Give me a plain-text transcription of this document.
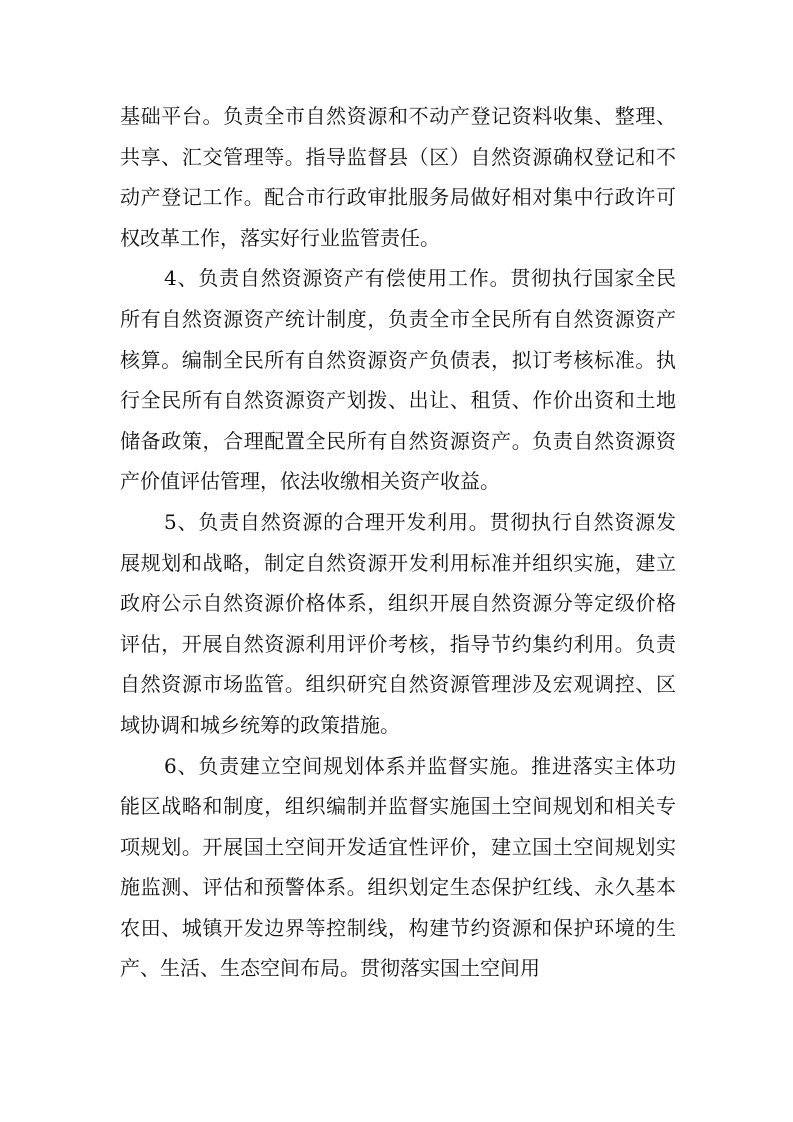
基础平台。负责全市自然资源和不动产登记资料收集、整理、共享、汇交管理等。指导监督县（区）自然资源确权登记和不动产登记工作。配合市行政审批服务局做好相对集中行政许可权改革工作，落实好行业监管责任。

4、负责自然资源资产有偿使用工作。贯彻执行国家全民所有自然资源资产统计制度，负责全市全民所有自然资源资产核算。编制全民所有自然资源资产负债表，拟订考核标准。执行全民所有自然资源资产划拨、出让、租赁、作价出资和土地储备政策，合理配置全民所有自然资源资产。负责自然资源资产价值评估管理，依法收缴相关资产收益。

5、负责自然资源的合理开发利用。贯彻执行自然资源发展规划和战略，制定自然资源开发利用标准并组织实施，建立政府公示自然资源价格体系，组织开展自然资源分等定级价格评估，开展自然资源利用评价考核，指导节约集约利用。负责自然资源市场监管。组织研究自然资源管理涉及宏观调控、区域协调和城乡统筹的政策措施。

6、负责建立空间规划体系并监督实施。推进落实主体功能区战略和制度，组织编制并监督实施国土空间规划和相关专项规划。开展国土空间开发适宜性评价，建立国土空间规划实施监测、评估和预警体系。组织划定生态保护红线、永久基本农田、城镇开发边界等控制线，构建节约资源和保护环境的生产、生活、生态空间布局。贯彻落实国土空间用
